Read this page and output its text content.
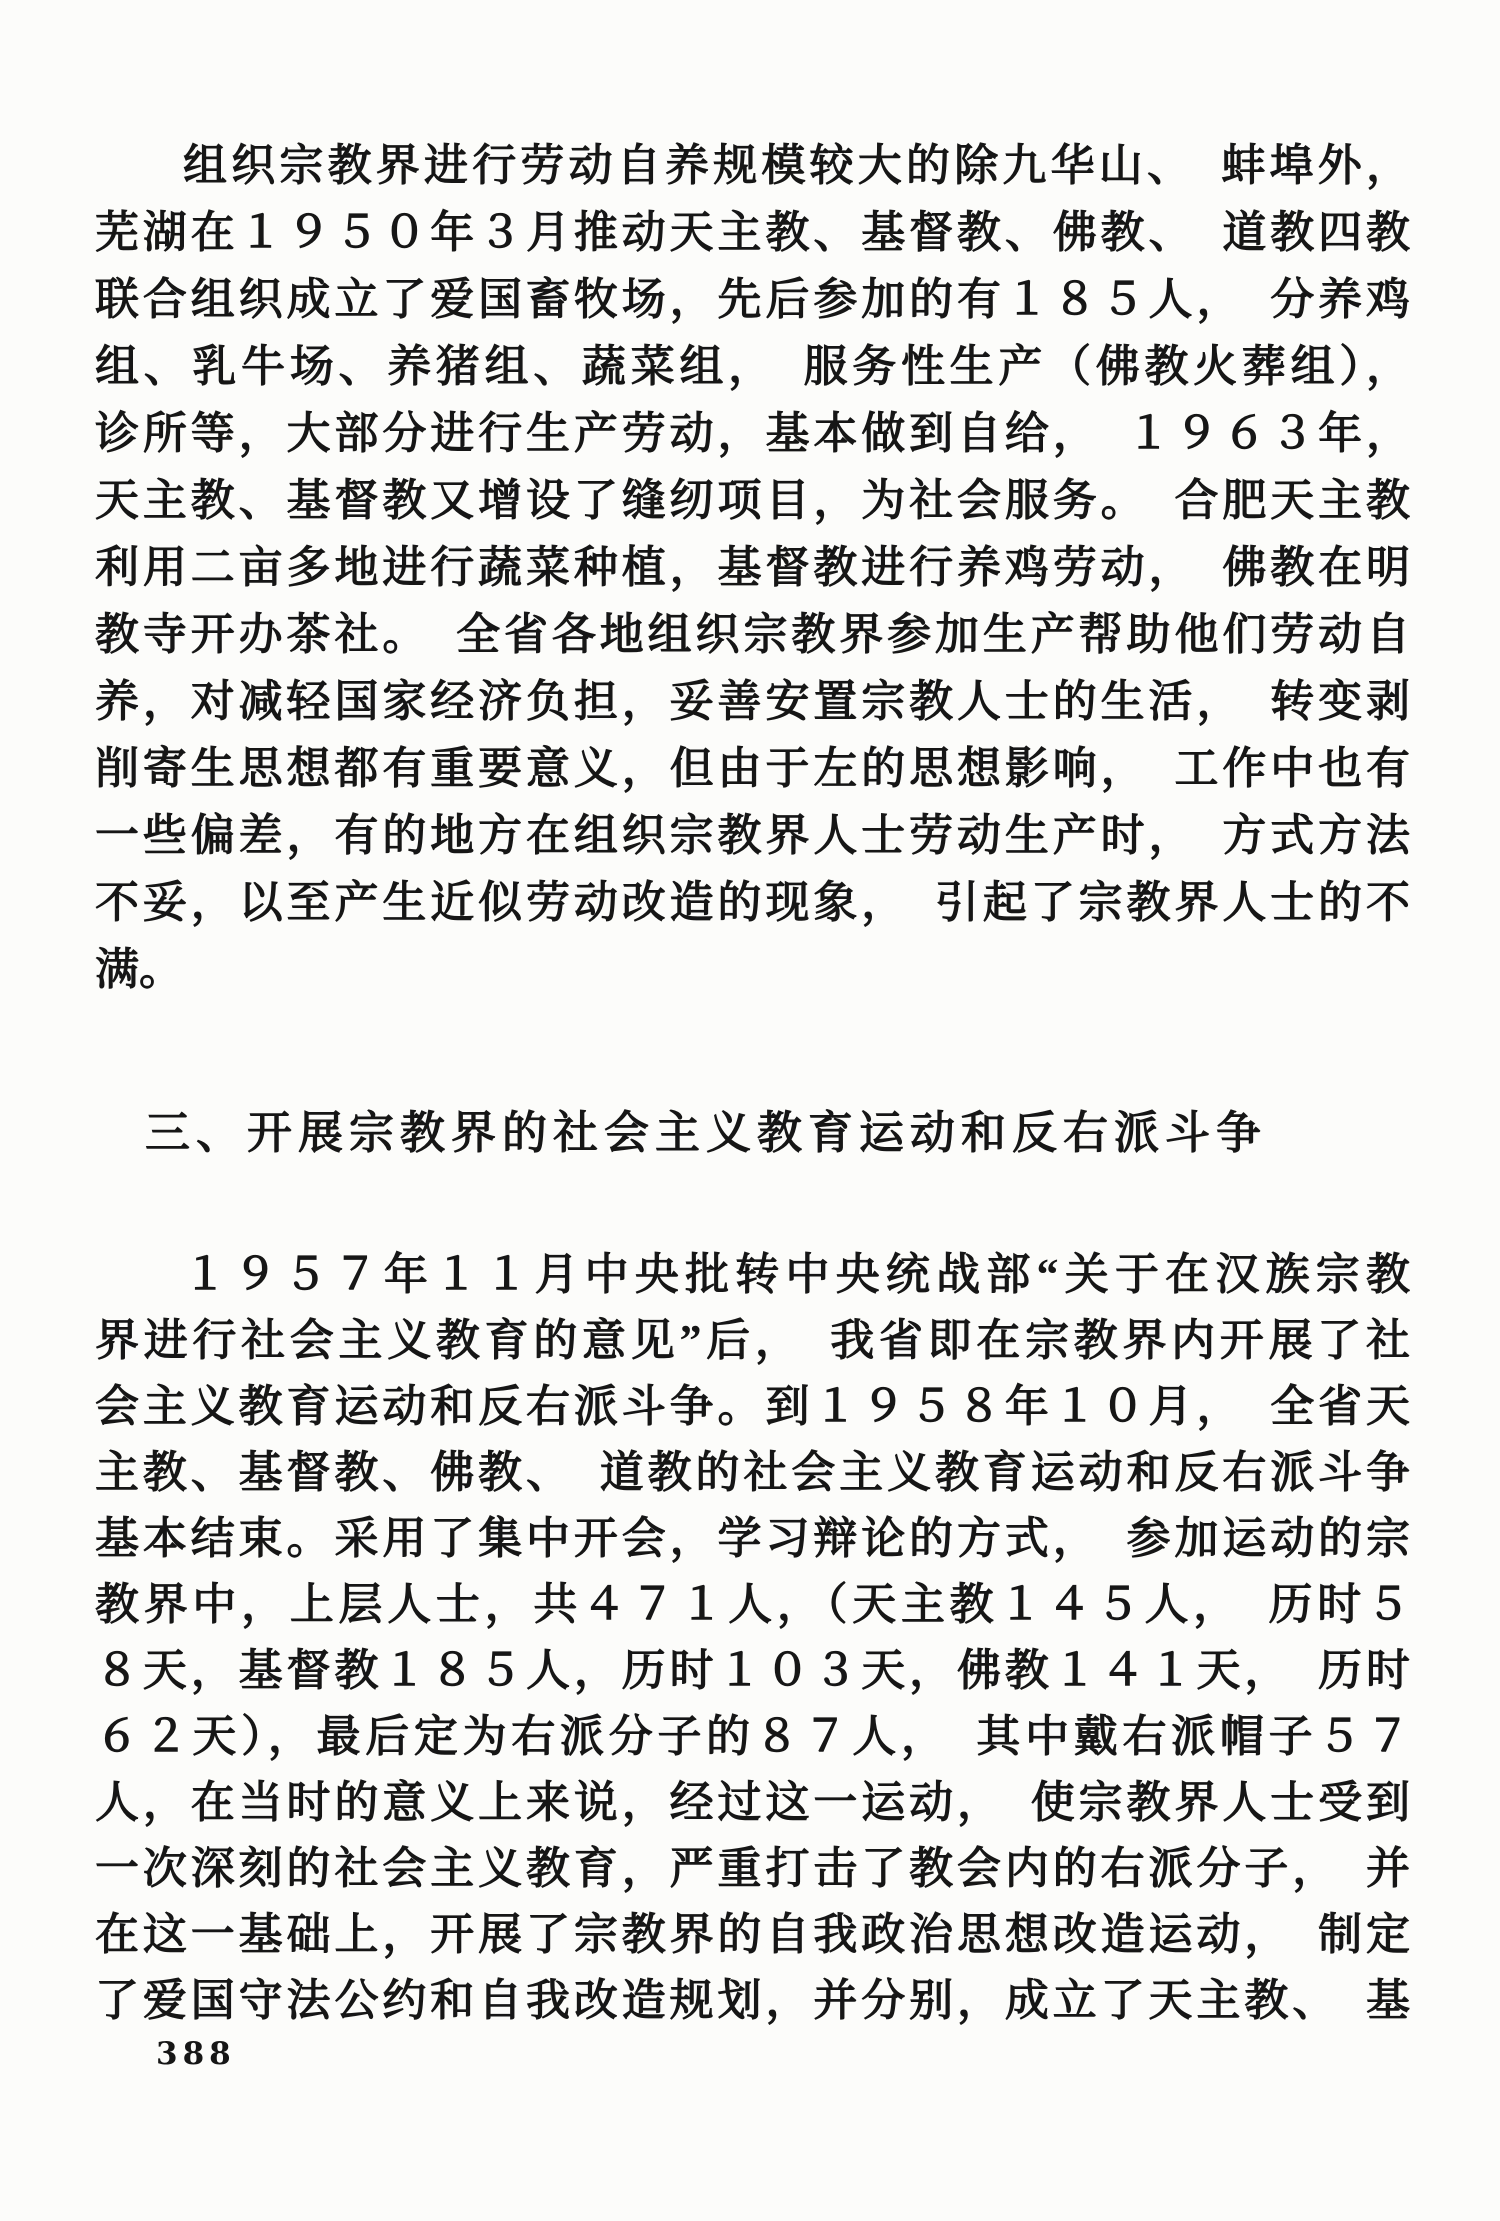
组织宗教界进行劳动自养规模较大的除九华山、　蚌埠外，
芜湖在１９５０年３月推动天主教、基督教、佛教、　道教四教
联合组织成立了爱国畜牧场，先后参加的有１８５人，　分养鸡
组、乳牛场、养猪组、蔬菜组，　服务性生产（佛教火葬组），
诊所等，大部分进行生产劳动，基本做到自给，　１９６３年，
天主教、基督教又增设了缝纫项目，为社会服务。　合肥天主教
利用二亩多地进行蔬菜种植，基督教进行养鸡劳动，　佛教在明
教寺开办茶社。　全省各地组织宗教界参加生产帮助他们劳动自
养，对减轻国家经济负担，妥善安置宗教人士的生活，　转变剥
削寄生思想都有重要意义，但由于左的思想影响，　工作中也有
一些偏差，有的地方在组织宗教界人士劳动生产时，　方式方法
不妥，以至产生近似劳动改造的现象，　引起了宗教界人士的不
满。
三、开展宗教界的社会主义教育运动和反右派斗争
１９５７年１１月中央批转中央统战部“关于在汉族宗教
界进行社会主义教育的意见”后，　我省即在宗教界内开展了社
会主义教育运动和反右派斗争。到１９５８年１０月，　全省天
主教、基督教、佛教、　道教的社会主义教育运动和反右派斗争
基本结束。采用了集中开会，学习辩论的方式，　参加运动的宗
教界中，上层人士，共４７１人，（天主教１４５人，　历时５
８天，基督教１８５人，历时１０３天，佛教１４１天，　历时
６２天），最后定为右派分子的８７人，　其中戴右派帽子５７
人，在当时的意义上来说，经过这一运动，　使宗教界人士受到
一次深刻的社会主义教育，严重打击了教会内的右派分子，　并
在这一基础上，开展了宗教界的自我政治思想改造运动，　制定
了爱国守法公约和自我改造规划，并分别，成立了天主教、　基
388
